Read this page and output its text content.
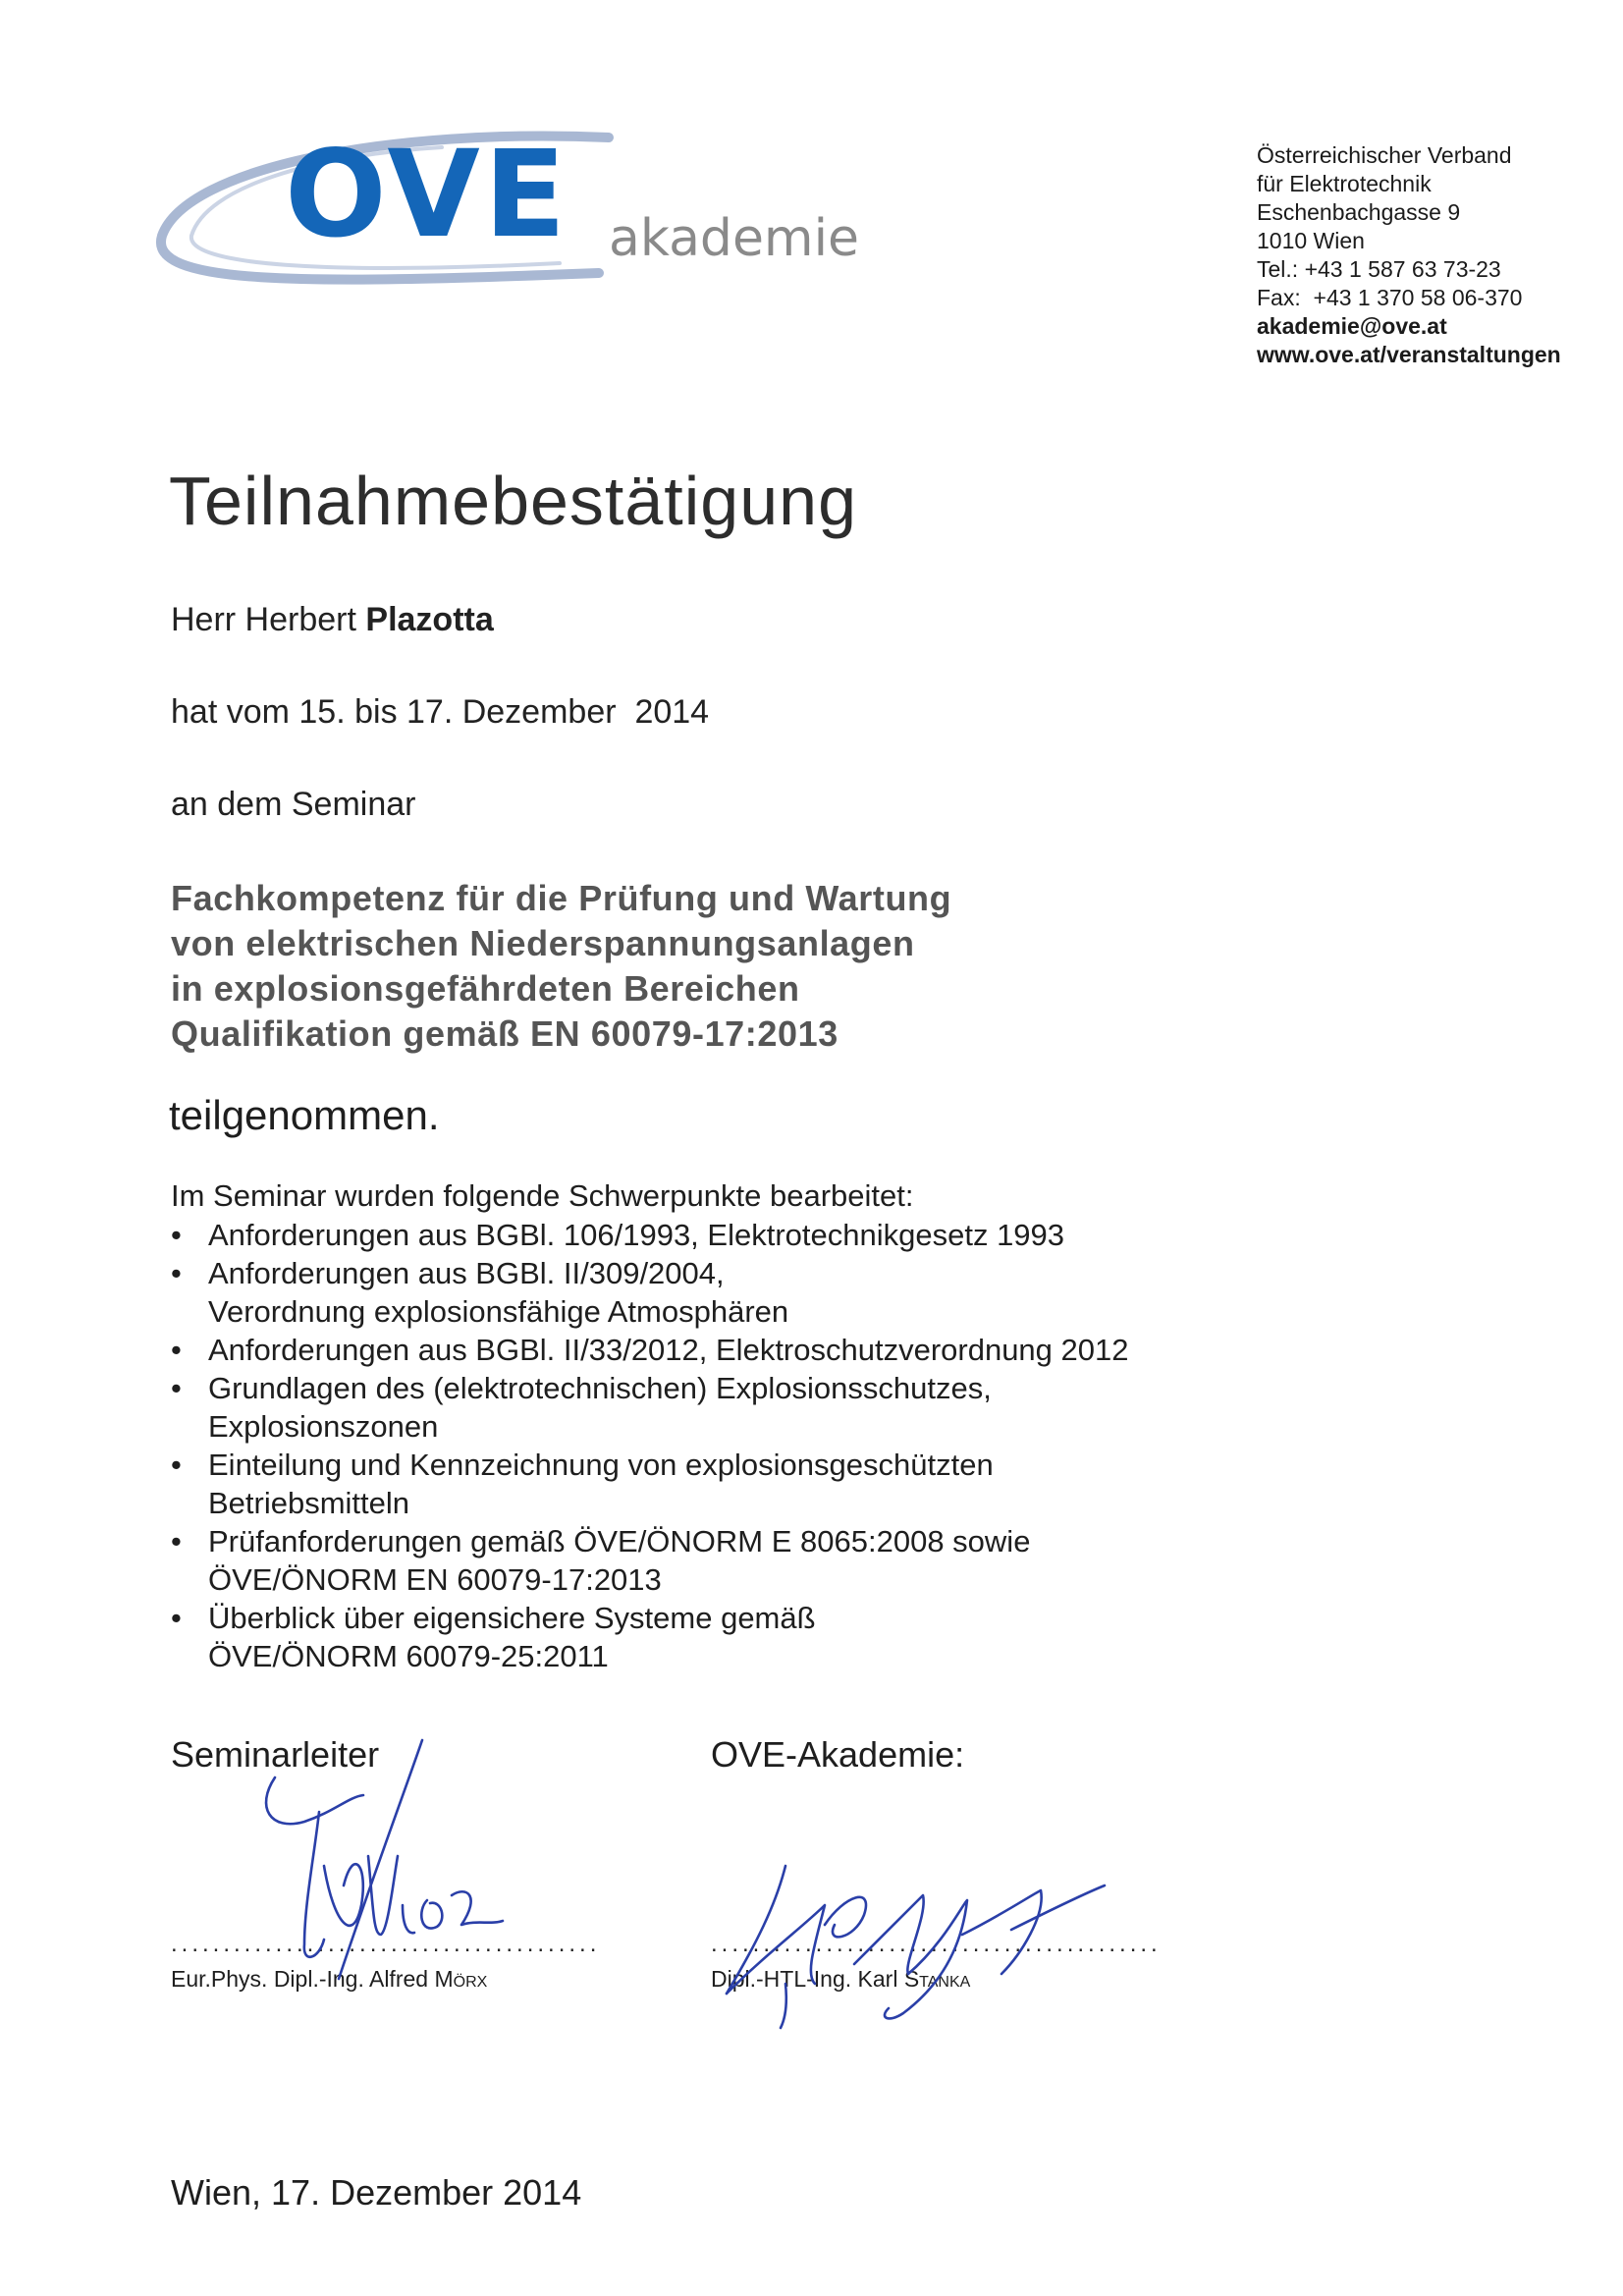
OVE akademie
Österreichischer Verband
für Elektrotechnik
Eschenbachgasse 9
1010 Wien
Tel.: +43 1 587 63 73-23
Fax:  +43 1 370 58 06-370
akademie@ove.at
www.ove.at/veranstaltungen
Teilnahmebestätigung
Herr Herbert Plazotta
hat vom 15. bis 17. Dezember  2014
an dem Seminar
Fachkompetenz für die Prüfung und Wartung
von elektrischen Niederspannungsanlagen
in explosionsgefährdeten Bereichen
Qualifikation gemäß EN 60079-17:2013
teilgenommen.
Im Seminar wurden folgende Schwerpunkte bearbeitet:
• Anforderungen aus BGBl. 106/1993, Elektrotechnikgesetz 1993
• Anforderungen aus BGBl. II/309/2004,
Verordnung explosionsfähige Atmosphären
• Anforderungen aus BGBl. II/33/2012, Elektroschutzverordnung 2012
• Grundlagen des (elektrotechnischen) Explosionsschutzes,
Explosionszonen
• Einteilung und Kennzeichnung von explosionsgeschützten
Betriebsmitteln
• Prüfanforderungen gemäß ÖVE/ÖNORM E 8065:2008 sowie
ÖVE/ÖNORM EN 60079-17:2013
• Überblick über eigensichere Systeme gemäß
ÖVE/ÖNORM 60079-25:2011
Seminarleiter	OVE-Akademie:
.........................................	...........................................
Eur.Phys. Dipl.-Ing. Alfred Mörx	Dipl.-HTL-Ing. Karl Stanka
Wien, 17. Dezember 2014
